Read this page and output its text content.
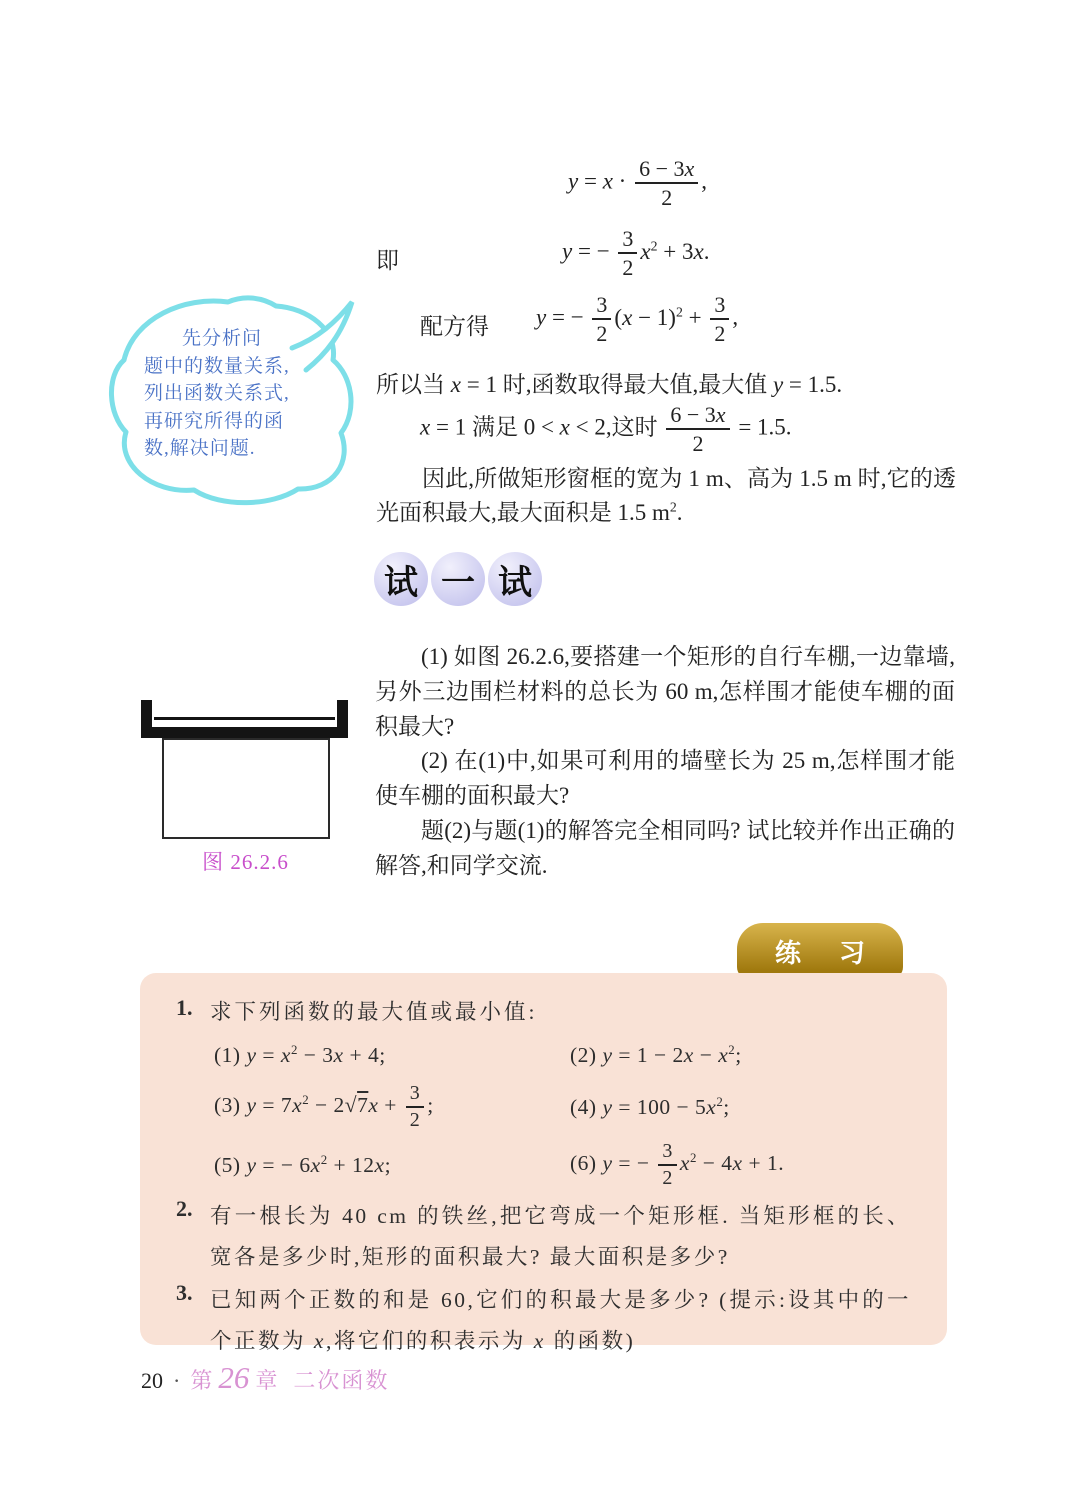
$y = x \cdot \frac{6 - 3x}{2}$ ,
即	y = − $\frac{3}{2} x^2 + 3x$.
配方得 y = − $\frac{3}{2} (x - 1)^2 + \frac{3}{2}$ ,
所以当 x = 1 时,函数取得最大值,最大值 y = 1.5.
x = 1 满足 0 < x < 2,这时 $\frac{6 - 3x}{2} = 1.5$.
因此,所做矩形窗框的宽为 1 m、高为 1.5 m 时,它的透光面积最大,最大面积是 1.5 $m^2$.
先分析问
题中的数量关系,
列出函数关系式,
再研究所得的函
数,解决问题.
试 一 试

(1) 如图 26.2.6,要搭建一个矩形的自行车棚,一边靠墙,另外三边围栏材料的总长为 60 m,怎样围才能使车棚的面积最大?

(2) 在(1)中,如果可利用的墙壁长为 25 m,怎样围才能使车棚的面积最大?

题(2)与题(1)的解答完全相同吗? 试比较并作出正确的解答,和同学交流.

图 26.2.6
练　习
1. 求下列函数的最大值或最小值:
(1) $y = x^2 - 3x + 4$;	(2) $y = 1 - 2x - x^2$;
(3) $y = 7x^2 - 2√7x + \frac{3}{2}$ ;	(4) $y = 100 - 5x^2$;
(5) y = − $6x^2 + 12x$;	(6) y = − $\frac{3}{2} x^2 - 4x + 1$.
2. 有一根长为 40 cm 的铁丝,把它弯成一个矩形框. 当矩形框的长、宽各是多少时,矩形的面积最大? 最大面积是多少?
3. 已知两个正数的和是 60,它们的积最大是多少? (提示:设其中的一个正数为 x,将它们的积表示为 x 的函数)
20 · 第 26 章 二次函数
